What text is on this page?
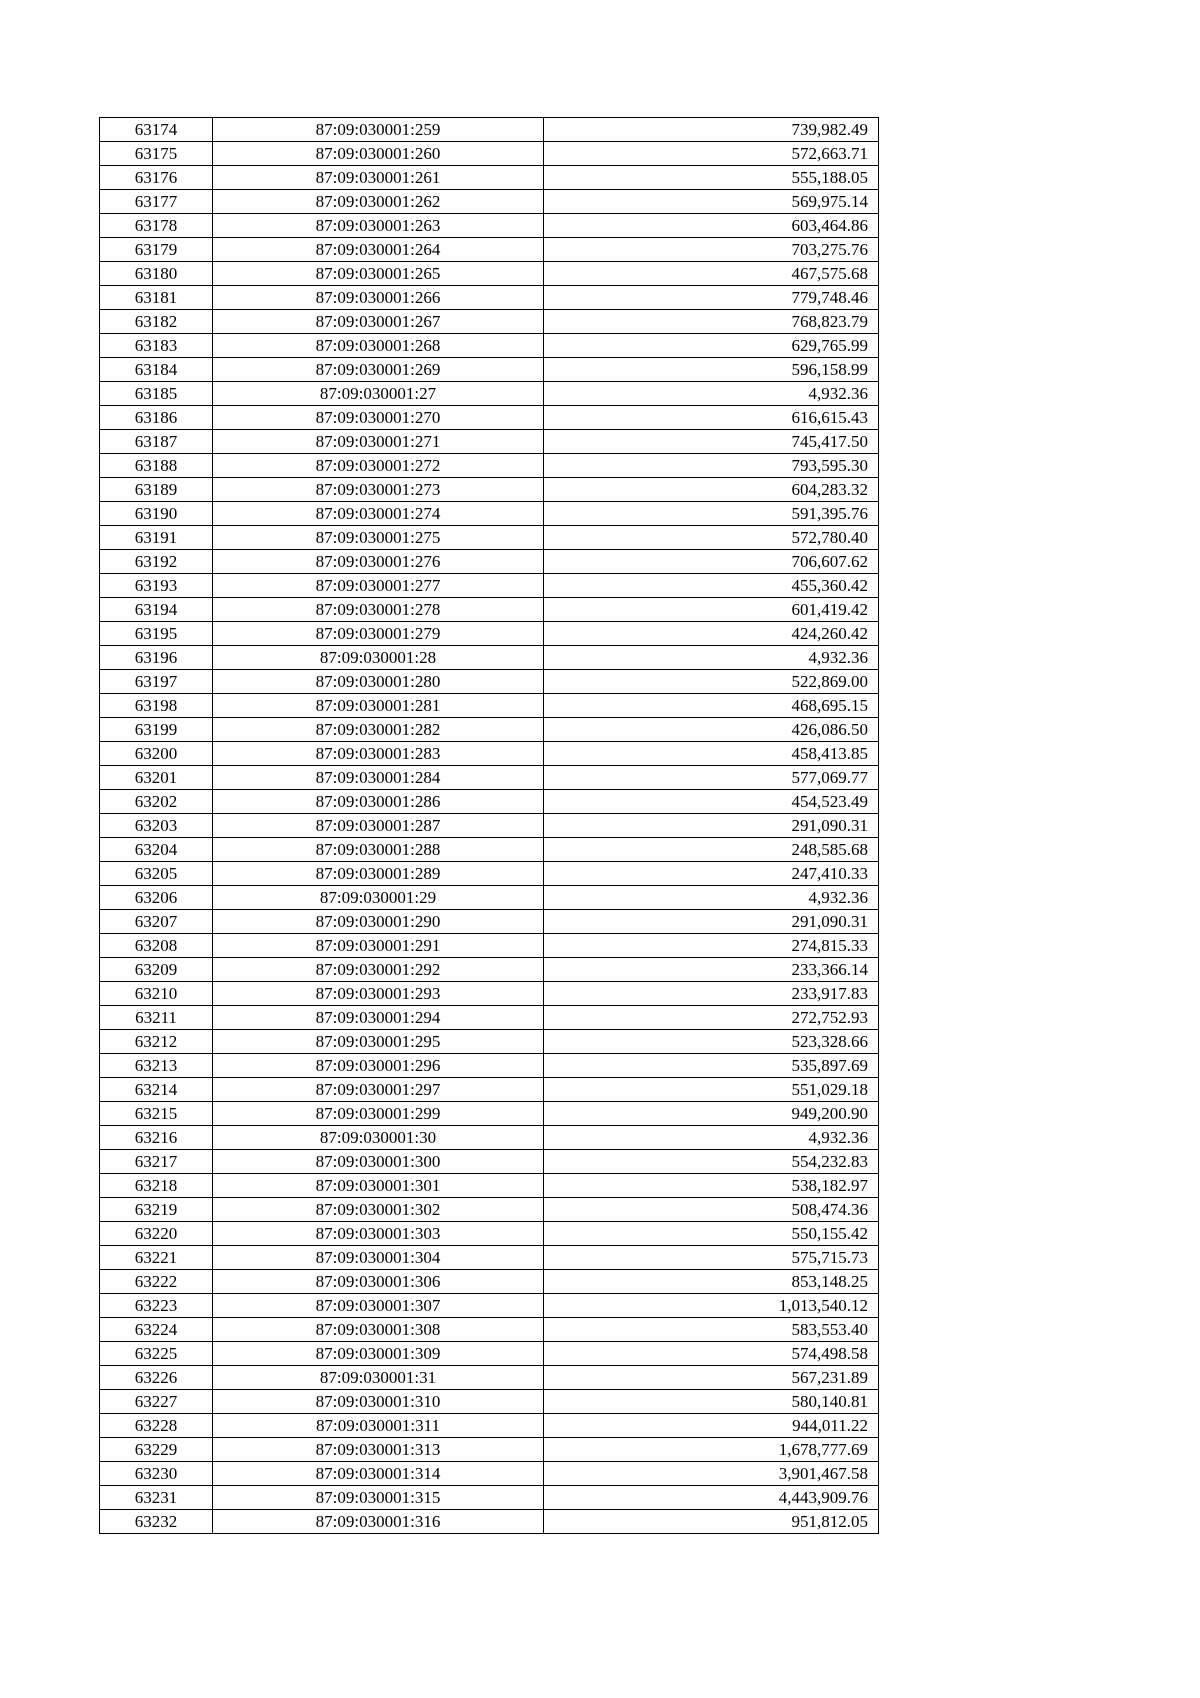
63174	87:09:030001:259	739,982.49
63175	87:09:030001:260	572,663.71
63176	87:09:030001:261	555,188.05
63177	87:09:030001:262	569,975.14
63178	87:09:030001:263	603,464.86
63179	87:09:030001:264	703,275.76
63180	87:09:030001:265	467,575.68
63181	87:09:030001:266	779,748.46
63182	87:09:030001:267	768,823.79
63183	87:09:030001:268	629,765.99
63184	87:09:030001:269	596,158.99
63185	87:09:030001:27	4,932.36
63186	87:09:030001:270	616,615.43
63187	87:09:030001:271	745,417.50
63188	87:09:030001:272	793,595.30
63189	87:09:030001:273	604,283.32
63190	87:09:030001:274	591,395.76
63191	87:09:030001:275	572,780.40
63192	87:09:030001:276	706,607.62
63193	87:09:030001:277	455,360.42
63194	87:09:030001:278	601,419.42
63195	87:09:030001:279	424,260.42
63196	87:09:030001:28	4,932.36
63197	87:09:030001:280	522,869.00
63198	87:09:030001:281	468,695.15
63199	87:09:030001:282	426,086.50
63200	87:09:030001:283	458,413.85
63201	87:09:030001:284	577,069.77
63202	87:09:030001:286	454,523.49
63203	87:09:030001:287	291,090.31
63204	87:09:030001:288	248,585.68
63205	87:09:030001:289	247,410.33
63206	87:09:030001:29	4,932.36
63207	87:09:030001:290	291,090.31
63208	87:09:030001:291	274,815.33
63209	87:09:030001:292	233,366.14
63210	87:09:030001:293	233,917.83
63211	87:09:030001:294	272,752.93
63212	87:09:030001:295	523,328.66
63213	87:09:030001:296	535,897.69
63214	87:09:030001:297	551,029.18
63215	87:09:030001:299	949,200.90
63216	87:09:030001:30	4,932.36
63217	87:09:030001:300	554,232.83
63218	87:09:030001:301	538,182.97
63219	87:09:030001:302	508,474.36
63220	87:09:030001:303	550,155.42
63221	87:09:030001:304	575,715.73
63222	87:09:030001:306	853,148.25
63223	87:09:030001:307	1,013,540.12
63224	87:09:030001:308	583,553.40
63225	87:09:030001:309	574,498.58
63226	87:09:030001:31	567,231.89
63227	87:09:030001:310	580,140.81
63228	87:09:030001:311	944,011.22
63229	87:09:030001:313	1,678,777.69
63230	87:09:030001:314	3,901,467.58
63231	87:09:030001:315	4,443,909.76
63232	87:09:030001:316	951,812.05
